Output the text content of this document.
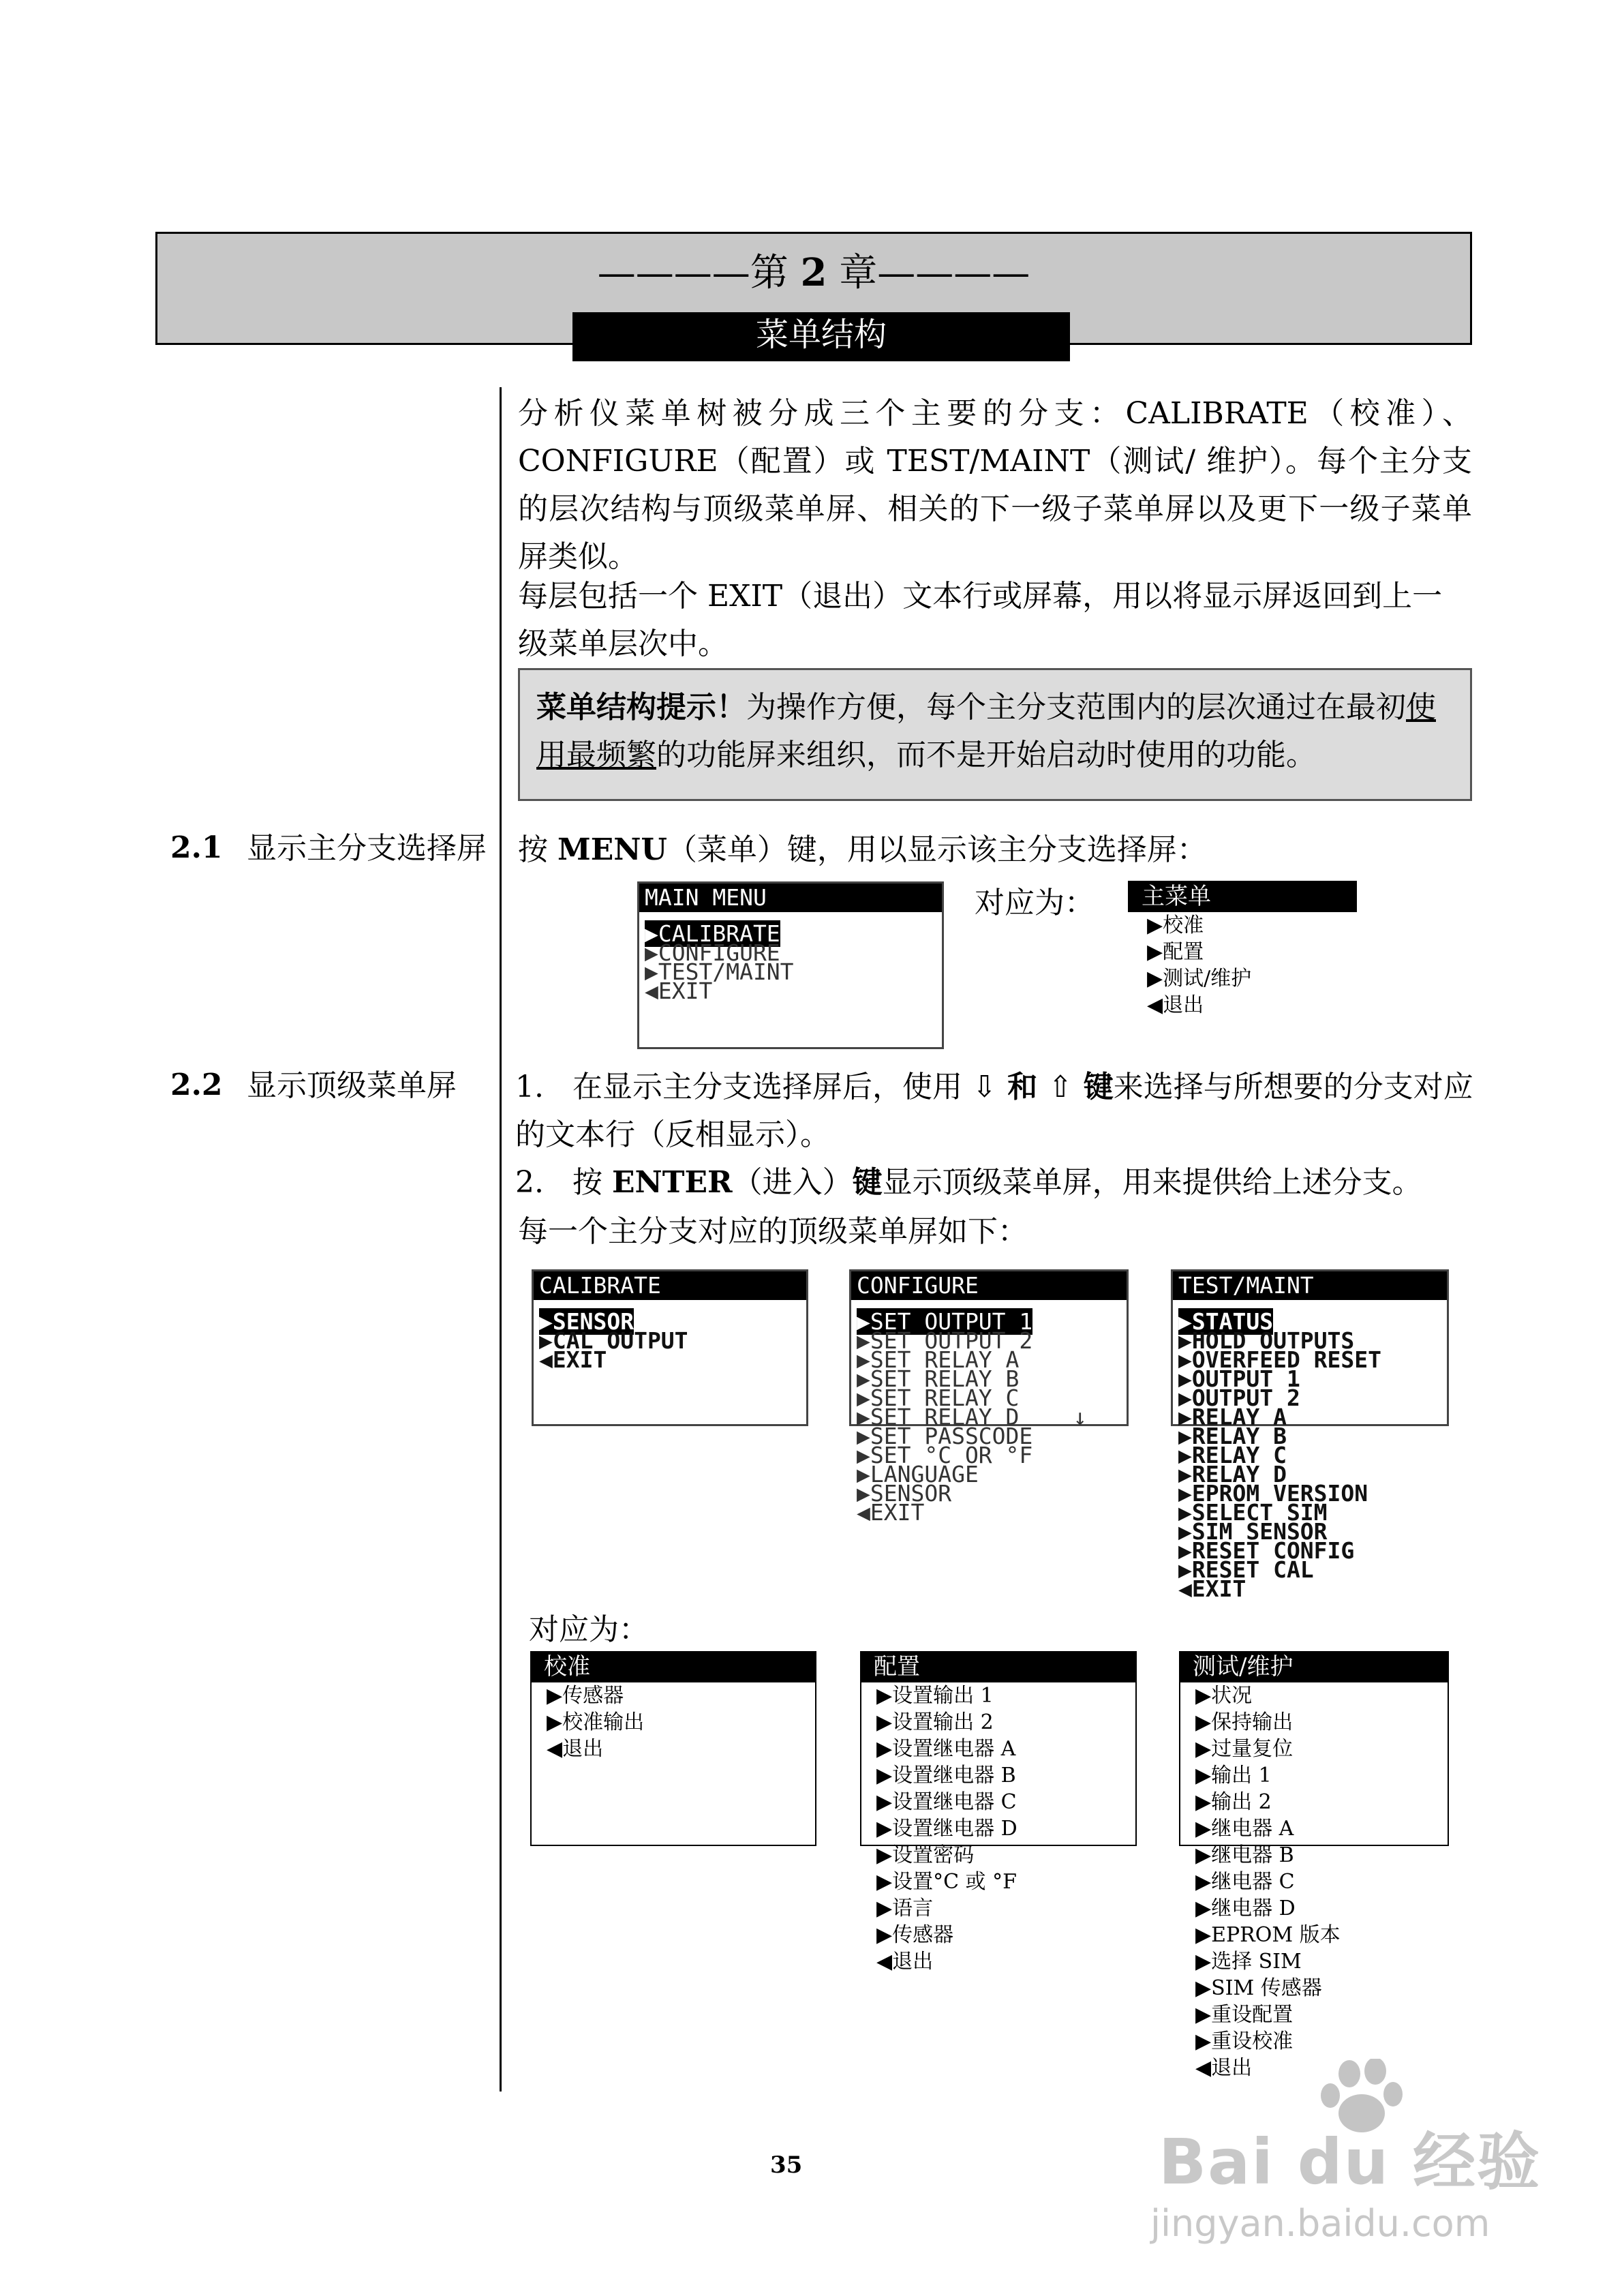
————第 2 章————
菜单结构
分析仪菜单树被分成三个主要的分支：CALIBRATE（校准）、CONFIGURE（配置）或 TEST/MAINT（测试/ 维护）。每个主分支的层次结构与顶级菜单屏、相关的下一级子菜单屏以及更下一级子菜单屏类似。
每层包括一个 EXIT（退出）文本行或屏幕，用以将显示屏返回到上一级菜单层次中。
菜单结构提示！为操作方便，每个主分支范围内的层次通过在最初使用最频繁的功能屏来组织，而不是开始启动时使用的功能。
2.1 显示主分支选择屏 按 MENU（菜单）键，用以显示该主分支选择屏：
MAIN MENU
▶CALIBRATE
▶CONFIGURE
▶TEST/MAINT
◀EXIT
对应为：	主菜单
▶校准
▶配置
▶测试/维护
◀退出
2.2 显示顶级菜单屏	1. 在显示主分支选择屏后，使用 ⇩ 和 ⇧ 键来选择与所想要的分支对应的文本行（反相显示）。
2. 按 ENTER（进入）键显示顶级菜单屏，用来提供给上述分支。
每一个主分支对应的顶级菜单屏如下：
CALIBRATE
▶SENSOR
▶CAL OUTPUT
◀EXIT
CONFIGURE
▶SET OUTPUT 1
▶SET OUTPUT 2
▶SET RELAY A
▶SET RELAY B
▶SET RELAY C
▶SET RELAY D    ↓
▶SET PASSCODE
▶SET °C OR °F
▶LANGUAGE
▶SENSOR
◀EXIT
TEST/MAINT
▶STATUS
▶HOLD OUTPUTS
▶OVERFEED RESET
▶OUTPUT 1
▶OUTPUT 2
▶RELAY A
▶RELAY B
▶RELAY C
▶RELAY D
▶EPROM VERSION
▶SELECT SIM
▶SIM SENSOR
▶RESET CONFIG
▶RESET CAL
◀EXIT
对应为：
校准
▶传感器
▶校准输出
◀退出
配置
▶设置输出 1
▶设置输出 2
▶设置继电器 A
▶设置继电器 B
▶设置继电器 C
▶设置继电器 D
▶设置密码
▶设置°C 或 °F
▶语言
▶传感器
◀退出
测试/维护
▶状况
▶保持输出
▶过量复位
▶输出 1
▶输出 2
▶继电器 A
▶继电器 B
▶继电器 C
▶继电器 D
▶EPROM 版本
▶选择 SIM
▶SIM 传感器
▶重设配置
▶重设校准
◀退出
35	Bai du 经验
jingyan.baidu.com
